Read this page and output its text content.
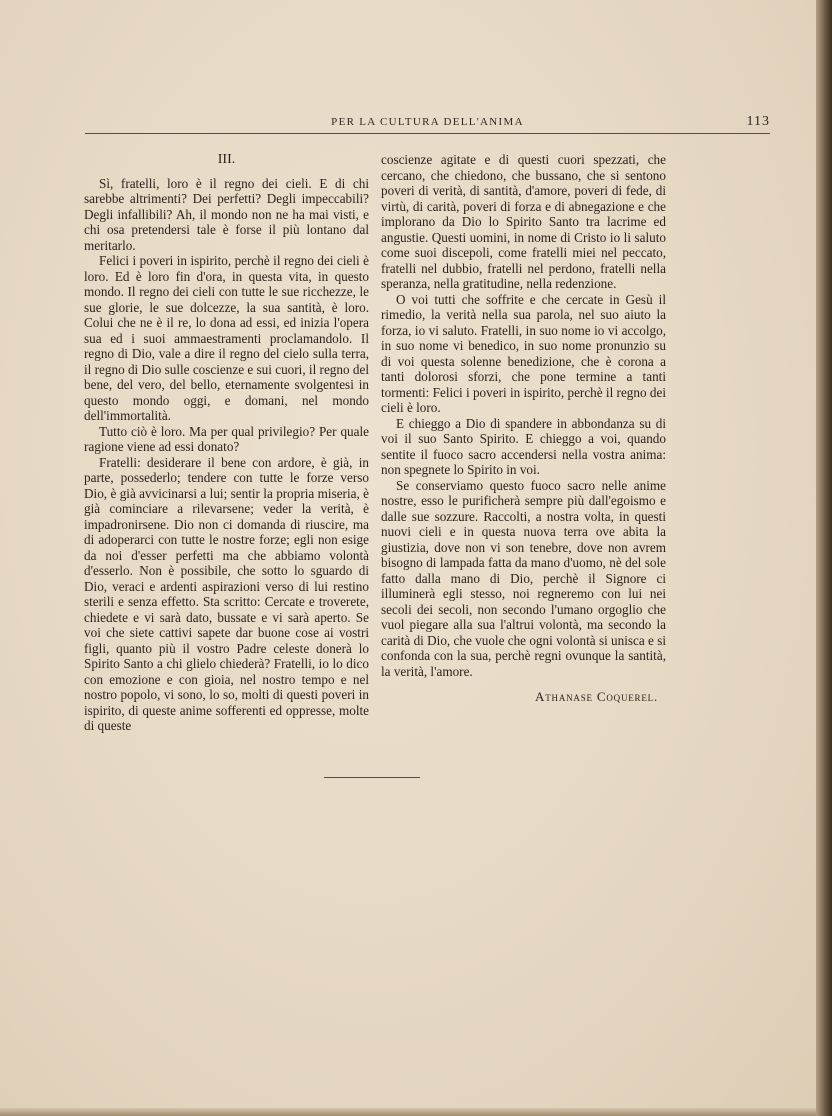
PER LA CULTURA DELL'ANIMA	113
III.

Sì, fratelli, loro è il regno dei cieli. E di chi sarebbe altrimenti? Dei perfetti? Degli impeccabili? Degli infallibili? Ah, il mondo non ne ha mai visti, e chi osa pretendersi tale è forse il più lontano dal meritarlo.

Felici i poveri in ispirito, perchè il regno dei cieli è loro. Ed è loro fin d'ora, in questa vita, in questo mondo. Il regno dei cieli con tutte le sue ricchezze, le sue glorie, le sue dolcezze, la sua santità, è loro. Colui che ne è il re, lo dona ad essi, ed inizia l'opera sua ed i suoi ammaestramenti proclamandolo. Il regno di Dio, vale a dire il regno del cielo sulla terra, il regno di Dio sulle coscienze e sui cuori, il regno del bene, del vero, del bello, eternamente svolgentesi in questo mondo oggi, e domani, nel mondo dell'immortalità.

Tutto ciò è loro. Ma per qual privilegio? Per quale ragione viene ad essi donato?

Fratelli: desiderare il bene con ardore, è già, in parte, possederlo; tendere con tutte le forze verso Dio, è già avvicinarsi a lui; sentir la propria miseria, è già cominciare a rilevarsene; veder la verità, è impadronirsene. Dio non ci domanda di riuscire, ma di adoperarci con tutte le nostre forze; egli non esige da noi d'esser perfetti ma che abbiamo volontà d'esserlo. Non è possibile, che sotto lo sguardo di Dio, veraci e ardenti aspirazioni verso di lui restino sterili e senza effetto. Sta scritto: Cercate e troverete, chiedete e vi sarà dato, bussate e vi sarà aperto. Se voi che siete cattivi sapete dar buone cose ai vostri figli, quanto più il vostro Padre celeste donerà lo Spirito Santo a chi glielo chiederà? Fratelli, io lo dico con emozione e con gioia, nel nostro tempo e nel nostro popolo, vi sono, lo so, molti di questi poveri in ispirito, di queste anime sofferenti ed oppresse, molte di queste

coscienze agitate e di questi cuori spezzati, che cercano, che chiedono, che bussano, che si sentono poveri di verità, di santità, d'amore, poveri di fede, di virtù, di carità, poveri di forza e di abnegazione e che implorano da Dio lo Spirito Santo tra lacrime ed angustie. Questi uomini, in nome di Cristo io li saluto come suoi discepoli, come fratelli miei nel peccato, fratelli nel dubbio, fratelli nel perdono, fratelli nella speranza, nella gratitudine, nella redenzione.

O voi tutti che soffrite e che cercate in Gesù il rimedio, la verità nella sua parola, nel suo aiuto la forza, io vi saluto. Fratelli, in suo nome io vi accolgo, in suo nome vi benedico, in suo nome pronunzio su di voi questa solenne benedizione, che è corona a tanti dolorosi sforzi, che pone termine a tanti tormenti: Felici i poveri in ispirito, perchè il regno dei cieli è loro.

E chieggo a Dio di spandere in abbondanza su di voi il suo Santo Spirito. E chieggo a voi, quando sentite il fuoco sacro accendersi nella vostra anima: non spegnete lo Spirito in voi.

Se conserviamo questo fuoco sacro nelle anime nostre, esso le purificherà sempre più dall'egoismo e dalle sue sozzure. Raccolti, a nostra volta, in questi nuovi cieli e in questa nuova terra ove abita la giustizia, dove non vi son tenebre, dove non avrem bisogno di lampada fatta da mano d'uomo, nè del sole fatto dalla mano di Dio, perchè il Signore ci illuminerà egli stesso, noi regneremo con lui nei secoli dei secoli, non secondo l'umano orgoglio che vuol piegare alla sua l'altrui volontà, ma secondo la carità di Dio, che vuole che ogni volontà si unisca e si confonda con la sua, perchè regni ovunque la santità, la verità, l'amore.

Athanase Coquerel.
